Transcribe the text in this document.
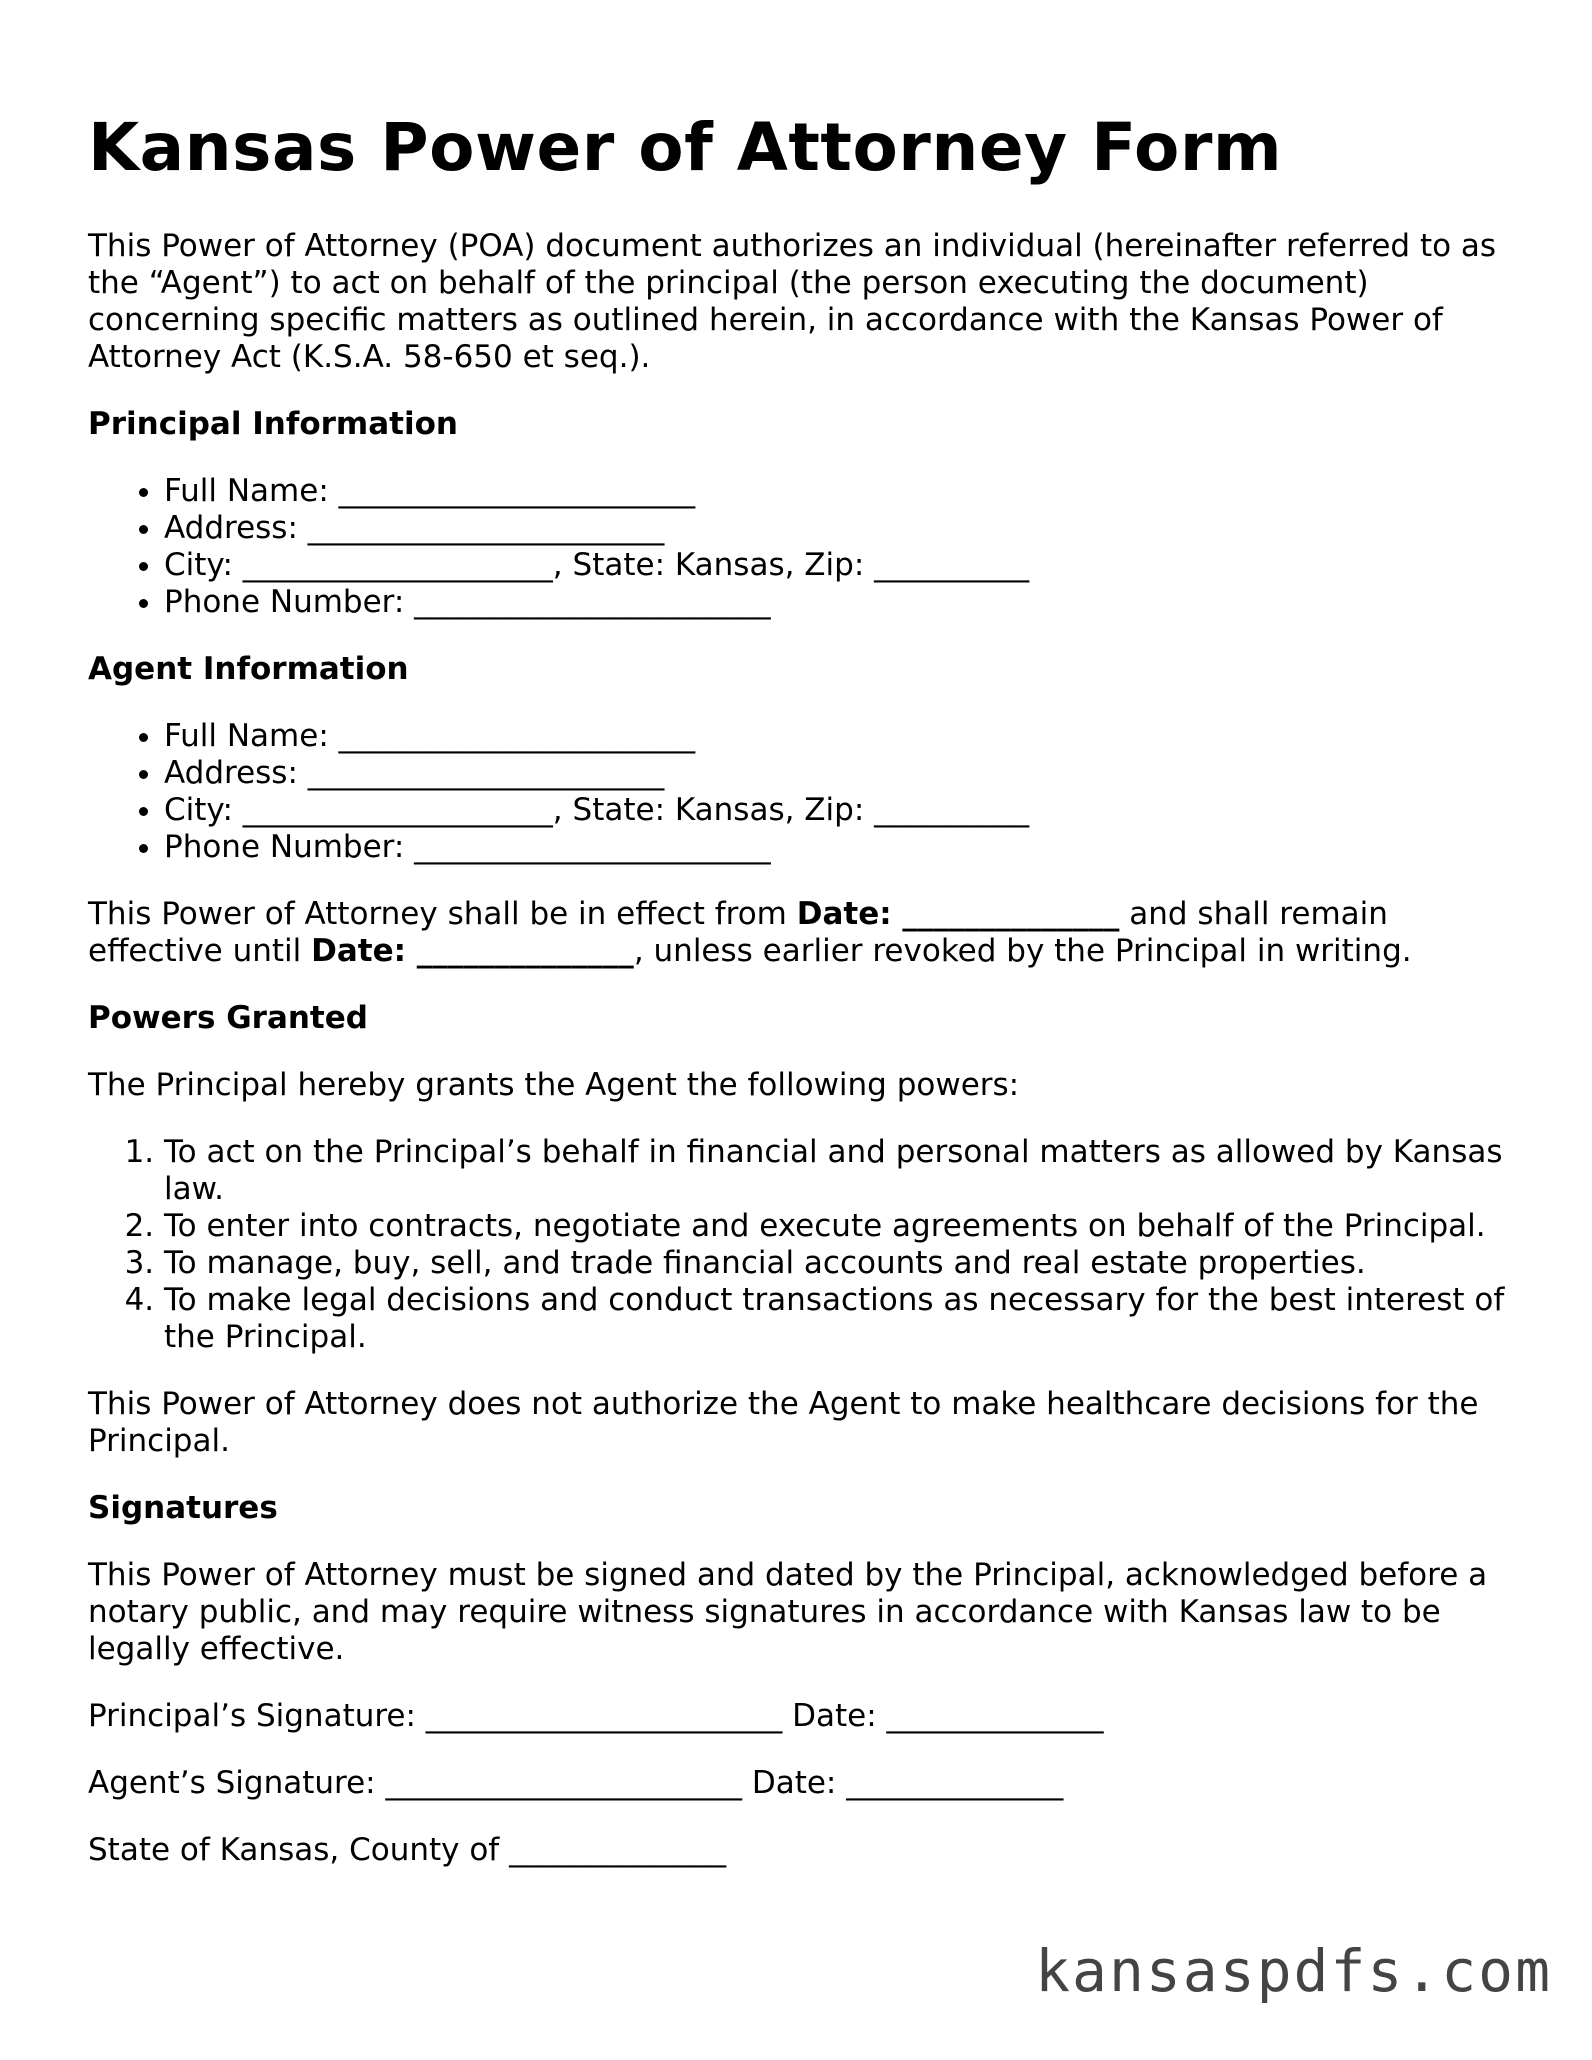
Kansas Power of Attorney Form

This Power of Attorney (POA) document authorizes an individual (hereinafter referred to as the “Agent”) to act on behalf of the principal (the person executing the document) concerning specific matters as outlined herein, in accordance with the Kansas Power of Attorney Act (K.S.A. 58-650 et seq.).

Principal Information
• Full Name: _______________________
• Address: _______________________
• City: ____________________, State: Kansas, Zip: __________
• Phone Number: _______________________
Agent Information
• Full Name: _______________________
• Address: _______________________
• City: ____________________, State: Kansas, Zip: __________
• Phone Number: _______________________

This Power of Attorney shall be in effect from Date: ______________ and shall remain effective until Date: ______________, unless earlier revoked by the Principal in writing.

Powers Granted

The Principal hereby grants the Agent the following powers:

1. To act on the Principal’s behalf in financial and personal matters as allowed by Kansas law.
2. To enter into contracts, negotiate and execute agreements on behalf of the Principal.
3. To manage, buy, sell, and trade financial accounts and real estate properties.
4. To make legal decisions and conduct transactions as necessary for the best interest of the Principal.

This Power of Attorney does not authorize the Agent to make healthcare decisions for the Principal.

Signatures

This Power of Attorney must be signed and dated by the Principal, acknowledged before a notary public, and may require witness signatures in accordance with Kansas law to be legally effective.

Principal’s Signature: _______________________ Date: ______________

Agent’s Signature: _______________________ Date: ______________

State of Kansas, County of ______________

kansaspdfs.com
